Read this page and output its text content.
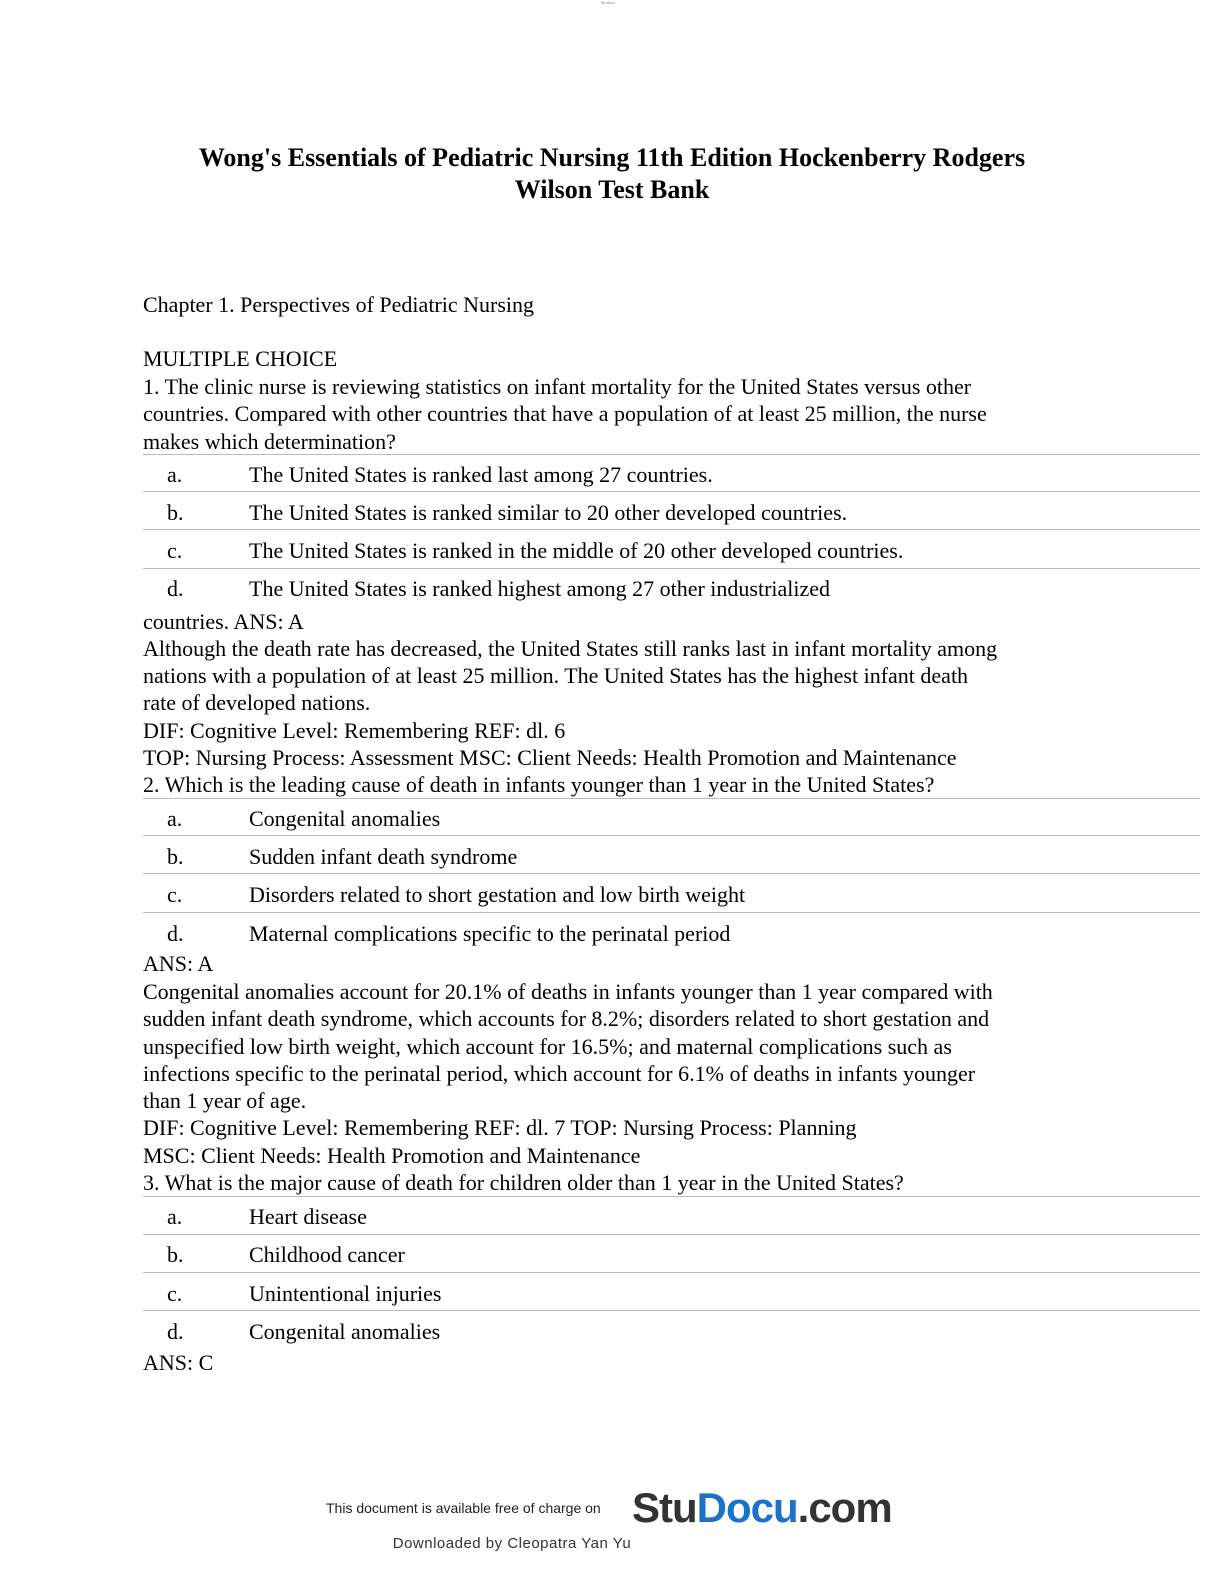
Studocu
Wong's Essentials of Pediatric Nursing 11th Edition Hockenberry Rodgers
Wilson Test Bank
Chapter 1. Perspectives of Pediatric Nursing
MULTIPLE CHOICE
1. The clinic nurse is reviewing statistics on infant mortality for the United States versus other
countries. Compared with other countries that have a population of at least 25 million, the nurse
makes which determination?
a.	The United States is ranked last among 27 countries.
b.	The United States is ranked similar to 20 other developed countries.
c.	The United States is ranked in the middle of 20 other developed countries.
d.	The United States is ranked highest among 27 other industrialized
countries. ANS: A
Although the death rate has decreased, the United States still ranks last in infant mortality among
nations with a population of at least 25 million. The United States has the highest infant death
rate of developed nations.
DIF: Cognitive Level: Remembering REF: dl. 6
TOP: Nursing Process: Assessment MSC: Client Needs: Health Promotion and Maintenance
2. Which is the leading cause of death in infants younger than 1 year in the United States?
a.	Congenital anomalies
b.	Sudden infant death syndrome
c.	Disorders related to short gestation and low birth weight
d.	Maternal complications specific to the perinatal period
ANS: A
Congenital anomalies account for 20.1% of deaths in infants younger than 1 year compared with
sudden infant death syndrome, which accounts for 8.2%; disorders related to short gestation and
unspecified low birth weight, which account for 16.5%; and maternal complications such as
infections specific to the perinatal period, which account for 6.1% of deaths in infants younger
than 1 year of age.
DIF: Cognitive Level: Remembering REF: dl. 7 TOP: Nursing Process: Planning
MSC: Client Needs: Health Promotion and Maintenance
3. What is the major cause of death for children older than 1 year in the United States?
a.	Heart disease
b.	Childhood cancer
c.	Unintentional injuries
d.	Congenital anomalies
ANS: C
This document is available free of charge on StuDocu.com
Downloaded by Cleopatra Yan Yu
